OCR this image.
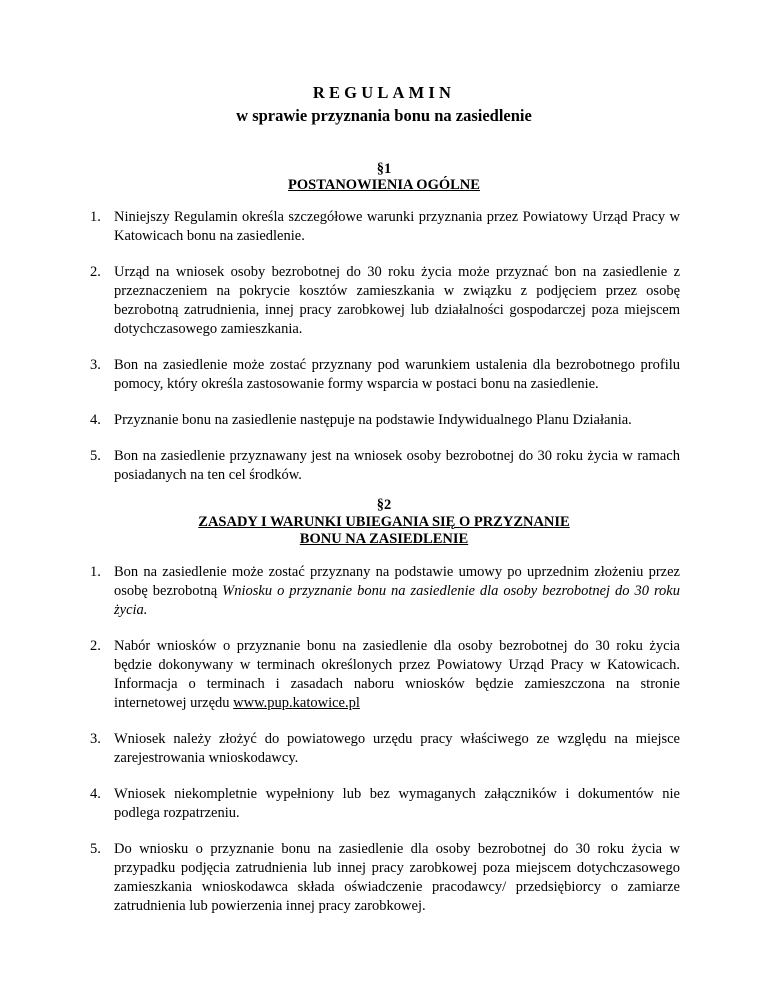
REGULAMIN
w sprawie przyznania bonu na zasiedlenie
§1
POSTANOWIENIA OGÓLNE
1. Niniejszy Regulamin określa szczegółowe warunki przyznania przez Powiatowy Urząd Pracy w Katowicach bonu na zasiedlenie.
2. Urząd na wniosek osoby bezrobotnej do 30 roku życia może przyznać bon na zasiedlenie z przeznaczeniem na pokrycie kosztów zamieszkania w związku z podjęciem przez osobę bezrobotną zatrudnienia, innej pracy zarobkowej lub działalności gospodarczej poza miejscem dotychczasowego zamieszkania.
3. Bon na zasiedlenie może zostać przyznany pod warunkiem ustalenia dla bezrobotnego profilu pomocy, który określa zastosowanie formy wsparcia w postaci bonu na zasiedlenie.
4. Przyznanie bonu na zasiedlenie następuje na podstawie Indywidualnego Planu Działania.
5. Bon na zasiedlenie przyznawany jest na wniosek osoby bezrobotnej do 30 roku życia w ramach posiadanych na ten cel środków.
§2
ZASADY I WARUNKI UBIEGANIA SIĘ O PRZYZNANIE
BONU NA ZASIEDLENIE
1. Bon na zasiedlenie może zostać przyznany na podstawie umowy po uprzednim złożeniu przez osobę bezrobotną Wniosku o przyznanie bonu na zasiedlenie dla osoby bezrobotnej do 30 roku życia.
2. Nabór wniosków o przyznanie bonu na zasiedlenie dla osoby bezrobotnej do 30 roku życia będzie dokonywany w terminach określonych przez Powiatowy Urząd Pracy w Katowicach. Informacja o terminach i zasadach naboru wniosków będzie zamieszczona na stronie internetowej urzędu www.pup.katowice.pl
3. Wniosek należy złożyć do powiatowego urzędu pracy właściwego ze względu na miejsce zarejestrowania wnioskodawcy.
4. Wniosek niekompletnie wypełniony lub bez wymaganych załączników i dokumentów nie podlega rozpatrzeniu.
5. Do wniosku o przyznanie bonu na zasiedlenie dla osoby bezrobotnej do 30 roku życia w przypadku podjęcia zatrudnienia lub innej pracy zarobkowej poza miejscem dotychczasowego zamieszkania wnioskodawca składa oświadczenie pracodawcy/ przedsiębiorcy o zamiarze zatrudnienia lub powierzenia innej pracy zarobkowej.
